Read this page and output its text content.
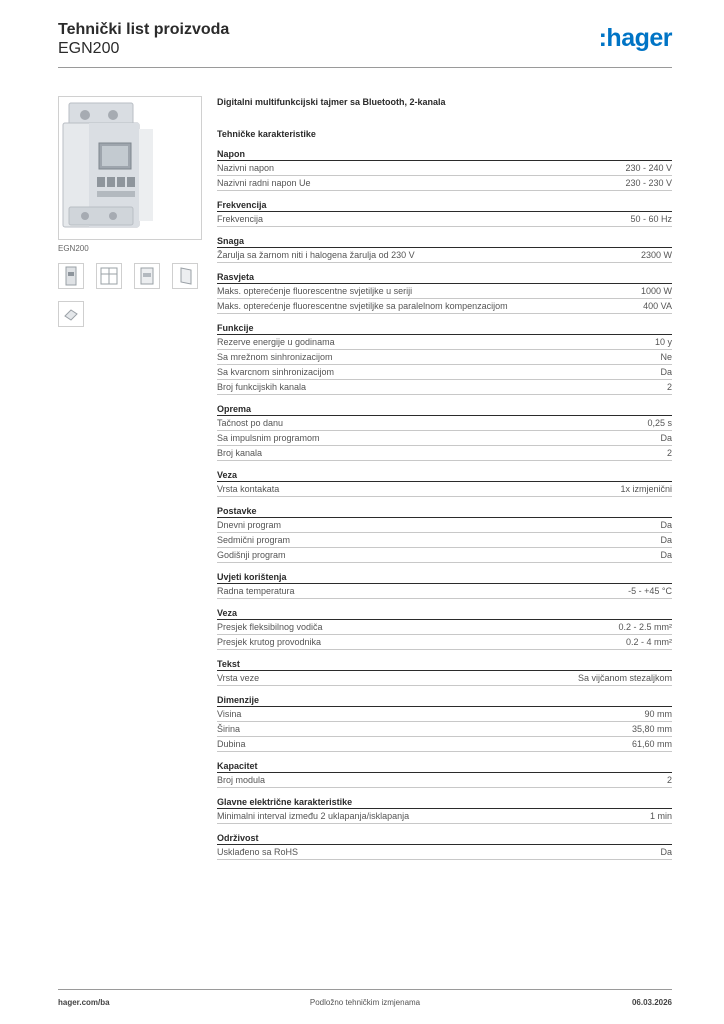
Tehnički list proizvoda
EGN200	:hager
EGN200
Digitalni multifunkcijski tajmer sa Bluetooth, 2-kanala
Tehničke karakteristike
Napon
Nazivni napon	230 - 240 V
Nazivni radni napon Ue	230 - 230 V
Frekvencija
Frekvencija	50 - 60 Hz
Snaga
Žarulja sa žarnom niti i halogena žarulja od 230 V	2300 W
Rasvjeta
Maks. opterećenje fluorescentne svjetiljke u seriji	1000 W
Maks. opterećenje fluorescentne svjetiljke sa paralelnom kompenzacijom	400 VA
Funkcije
Rezerve energije u godinama	10 y
Sa mrežnom sinhronizacijom	Ne
Sa kvarcnom sinhronizacijom	Da
Broj funkcijskih kanala	2
Oprema
Tačnost po danu	0,25 s
Sa impulsnim programom	Da
Broj kanala	2
Veza
Vrsta kontakata	1x izmjenični
Postavke
Dnevni program	Da
Sedmični program	Da
Godišnji program	Da
Uvjeti korištenja
Radna temperatura	-5 - +45 °C
Veza
Presjek fleksibilnog vodiča	0.2 - 2.5 mm²
Presjek krutog provodnika	0.2 - 4 mm²
Tekst
Vrsta veze	Sa vijčanom stezaljkom
Dimenzije
Visina	90 mm
Širina	35,80 mm
Dubina	61,60 mm
Kapacitet
Broj modula	2
Glavne električne karakteristike
Minimalni interval između 2 uklapanja/isklapanja	1 min
Održivost
Usklađeno sa RoHS	Da
hager.com/ba	Podložno tehničkim izmjenama	06.03.2026
